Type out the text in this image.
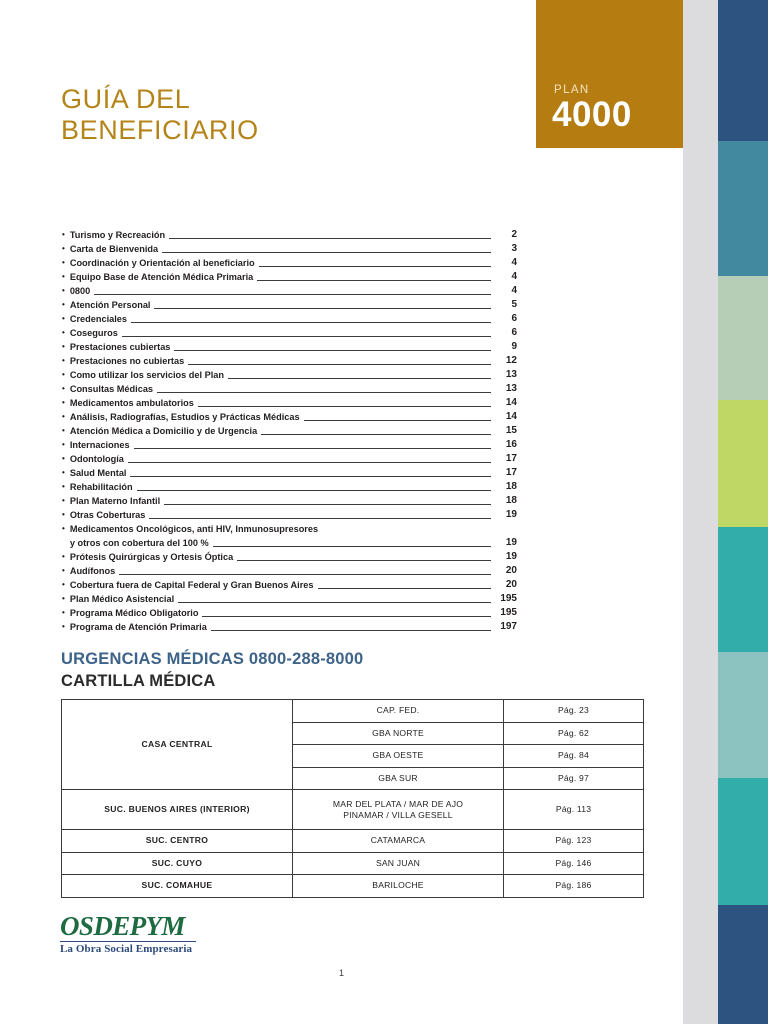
PLAN
4000
GUÍA DEL
BENEFICIARIO
• Turismo y Recreación	2
• Carta de Bienvenida	3
• Coordinación y Orientación al beneficiario	4
• Equipo Base de Atención Médica Primaria	4
• 0800	4
• Atención Personal	5
• Credenciales	6
• Coseguros	6
• Prestaciones cubiertas	9
• Prestaciones no cubiertas	12
• Como utilizar los servicios del Plan	13
• Consultas Médicas	13
• Medicamentos ambulatorios	14
• Análisis, Radiografías, Estudios y Prácticas Médicas	14
• Atención Médica a Domicilio y de Urgencia	15
• Internaciones	16
• Odontología	17
• Salud Mental	17
• Rehabilitación	18
• Plan Materno Infantil	18
• Otras Coberturas	19
• Medicamentos Oncológicos, anti HIV, Inmunosupresores
y otros con cobertura del 100 %	19
• Prótesis Quirúrgicas y Ortesis Óptica	19
• Audífonos	20
• Cobertura fuera de Capital Federal y Gran Buenos Aires	20
• Plan Médico Asistencial	195
• Programa Médico Obligatorio	195
• Programa de Atención Primaria	197
URGENCIAS MÉDICAS 0800-288-8000
CARTILLA MÉDICA
CASA CENTRAL	CAP. FED.	Pág. 23
	GBA NORTE	Pág. 62
	GBA OESTE	Pág. 84
	GBA SUR	Pág. 97
SUC. BUENOS AIRES (INTERIOR)	MAR DEL PLATA / MAR DE AJO
PINAMAR / VILLA GESELL	Pág. 113
SUC. CENTRO	CATAMARCA	Pág. 123
SUC. CUYO	SAN JUAN	Pág. 146
SUC. COMAHUE	BARILOCHE	Pág. 186
OSDEPYM
La Obra Social Empresaria
1
